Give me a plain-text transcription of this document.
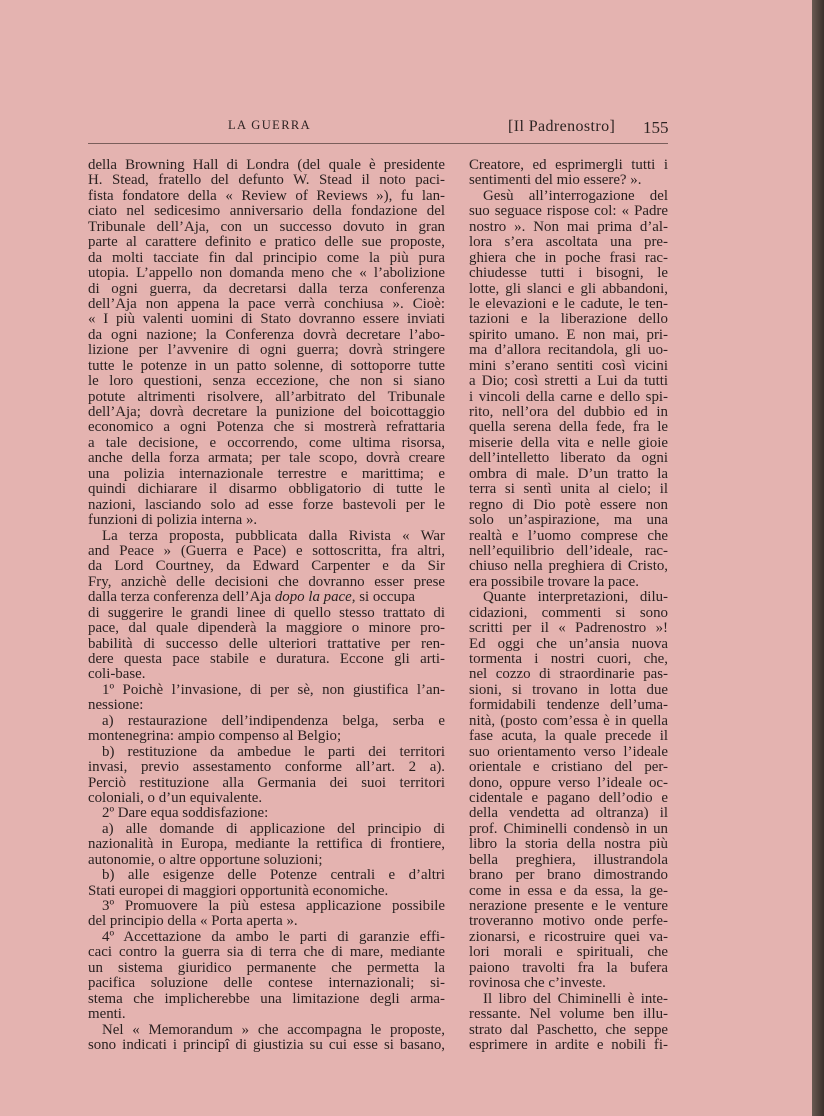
LA GUERRA	[Il Padrenostro] 155
della Browning Hall di Londra (del quale è presidente
H. Stead, fratello del defunto W. Stead il noto paci-
fista fondatore della « Review of Reviews »), fu lan-
ciato nel sedicesimo anniversario della fondazione del
Tribunale dell’Aja, con un successo dovuto in gran
parte al carattere definito e pratico delle sue proposte,
da molti tacciate fin dal principio come la più pura
utopia. L’appello non domanda meno che « l’abolizione
di ogni guerra, da decretarsi dalla terza conferenza
dell’Aja non appena la pace verrà conchiusa ». Cioè:
« I più valenti uomini di Stato dovranno essere inviati
da ogni nazione; la Conferenza dovrà decretare l’abo-
lizione per l’avvenire di ogni guerra; dovrà stringere
tutte le potenze in un patto solenne, di sottoporre tutte
le loro questioni, senza eccezione, che non si siano
potute altrimenti risolvere, all’arbitrato del Tribunale
dell’Aja; dovrà decretare la punizione del boicottaggio
economico a ogni Potenza che si mostrerà refrattaria
a tale decisione, e occorrendo, come ultima risorsa,
anche della forza armata; per tale scopo, dovrà creare
una polizia internazionale terrestre e marittima; e
quindi dichiarare il disarmo obbligatorio di tutte le
nazioni, lasciando solo ad esse forze bastevoli per le
funzioni di polizia interna ».
La terza proposta, pubblicata dalla Rivista « War
and Peace » (Guerra e Pace) e sottoscritta, fra altri,
da Lord Courtney, da Edward Carpenter e da Sir
Fry, anzichè delle decisioni che dovranno esser prese
dalla terza conferenza dell’Aja dopo la pace, si occupa
di suggerire le grandi linee di quello stesso trattato di
pace, dal quale dipenderà la maggiore o minore pro-
babilità di successo delle ulteriori trattative per ren-
dere questa pace stabile e duratura. Eccone gli arti-
coli-base.
1º Poichè l’invasione, di per sè, non giustifica l’an-
nessione:
a) restaurazione dell’indipendenza belga, serba e
montenegrina: ampio compenso al Belgio;
b) restituzione da ambedue le parti dei territori
invasi, previo assestamento conforme all’art. 2 a).
Perciò restituzione alla Germania dei suoi territori
coloniali, o d’un equivalente.
2º Dare equa soddisfazione:
a) alle domande di applicazione del principio di
nazionalità in Europa, mediante la rettifica di frontiere,
autonomie, o altre opportune soluzioni;
b) alle esigenze delle Potenze centrali e d’altri
Stati europei di maggiori opportunità economiche.
3º Promuovere la più estesa applicazione possibile
del principio della « Porta aperta ».
4º Accettazione da ambo le parti di garanzie effi-
caci contro la guerra sia di terra che di mare, mediante
un sistema giuridico permanente che permetta la
pacifica soluzione delle contese internazionali; si-
stema che implicherebbe una limitazione degli arma-
menti.
Nel « Memorandum » che accompagna le proposte,
sono indicati i principî di giustizia su cui esse si basano,
Creatore, ed esprimergli tutti i
sentimenti del mio essere? ».
Gesù all’interrogazione del
suo seguace rispose col: « Padre
nostro ». Non mai prima d’al-
lora s’era ascoltata una pre-
ghiera che in poche frasi rac-
chiudesse tutti i bisogni, le
lotte, gli slanci e gli abbandoni,
le elevazioni e le cadute, le ten-
tazioni e la liberazione dello
spirito umano. E non mai, pri-
ma d’allora recitandola, gli uo-
mini s’erano sentiti così vicini
a Dio; così stretti a Lui da tutti
i vincoli della carne e dello spi-
rito, nell’ora del dubbio ed in
quella serena della fede, fra le
miserie della vita e nelle gioie
dell’intelletto liberato da ogni
ombra di male. D’un tratto la
terra si sentì unita al cielo; il
regno di Dio potè essere non
solo un’aspirazione, ma una
realtà e l’uomo comprese che
nell’equilibrio dell’ideale, rac-
chiuso nella preghiera di Cristo,
era possibile trovare la pace.
Quante interpretazioni, dilu-
cidazioni, commenti si sono
scritti per il « Padrenostro »!
Ed oggi che un’ansia nuova
tormenta i nostri cuori, che,
nel cozzo di straordinarie pas-
sioni, si trovano in lotta due
formidabili tendenze dell’uma-
nità, (posto com’essa è in quella
fase acuta, la quale precede il
suo orientamento verso l’ideale
orientale e cristiano del per-
dono, oppure verso l’ideale oc-
cidentale e pagano dell’odio e
della vendetta ad oltranza) il
prof. Chiminelli condensò in un
libro la storia della nostra più
bella preghiera, illustrandola
brano per brano dimostrando
come in essa e da essa, la ge-
nerazione presente e le venture
troveranno motivo onde perfe-
zionarsi, e ricostruire quei va-
lori morali e spirituali, che
paiono travolti fra la bufera
rovinosa che c’investe.
Il libro del Chiminelli è inte-
ressante. Nel volume ben illu-
strato dal Paschetto, che seppe
esprimere in ardite e nobili fi-
